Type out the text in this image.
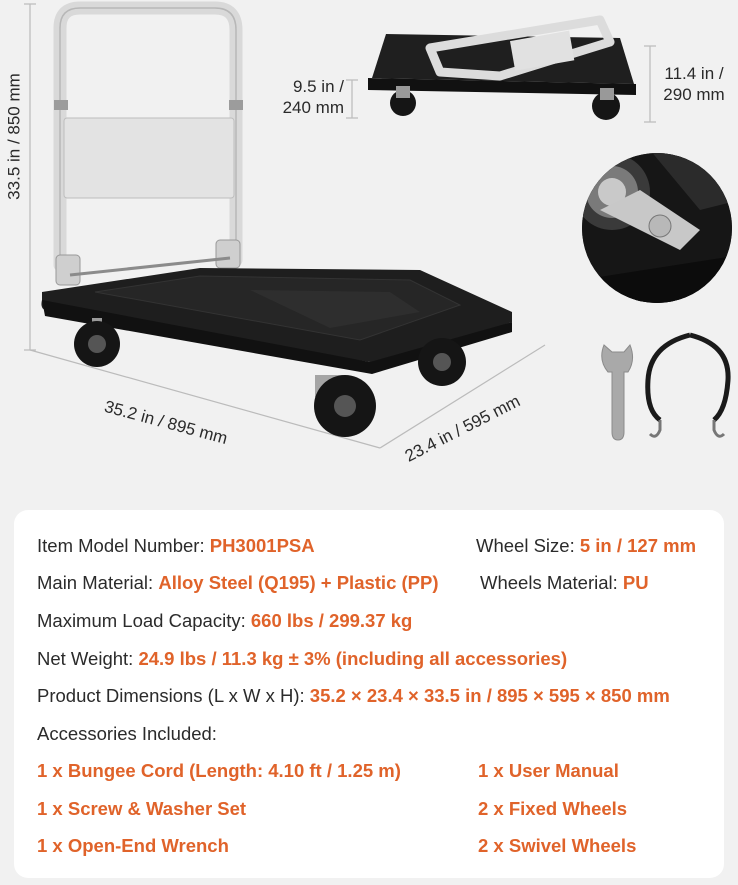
33.5 in / 850 mm
35.2 in / 895 mm	23.4 in / 595 mm
9.5 in /
240 mm
11.4 in /
290 mm
Item Model Number: PH3001PSA	Wheel Size: 5 in / 127 mm
Main Material: Alloy Steel (Q195) + Plastic (PP) Wheels Material: PU
Maximum Load Capacity: 660 lbs / 299.37 kg
Net Weight: 24.9 lbs / 11.3 kg ± 3% (including all accessories)
Product Dimensions (L x W x H): 35.2 × 23.4 × 33.5 in / 895 × 595 × 850 mm
Accessories Included:
1 x Bungee Cord (Length: 4.10 ft / 1.25 m)	1 x User Manual
1 x Screw & Washer Set	2 x Fixed Wheels
1 x Open-End Wrench	2 x Swivel Wheels
